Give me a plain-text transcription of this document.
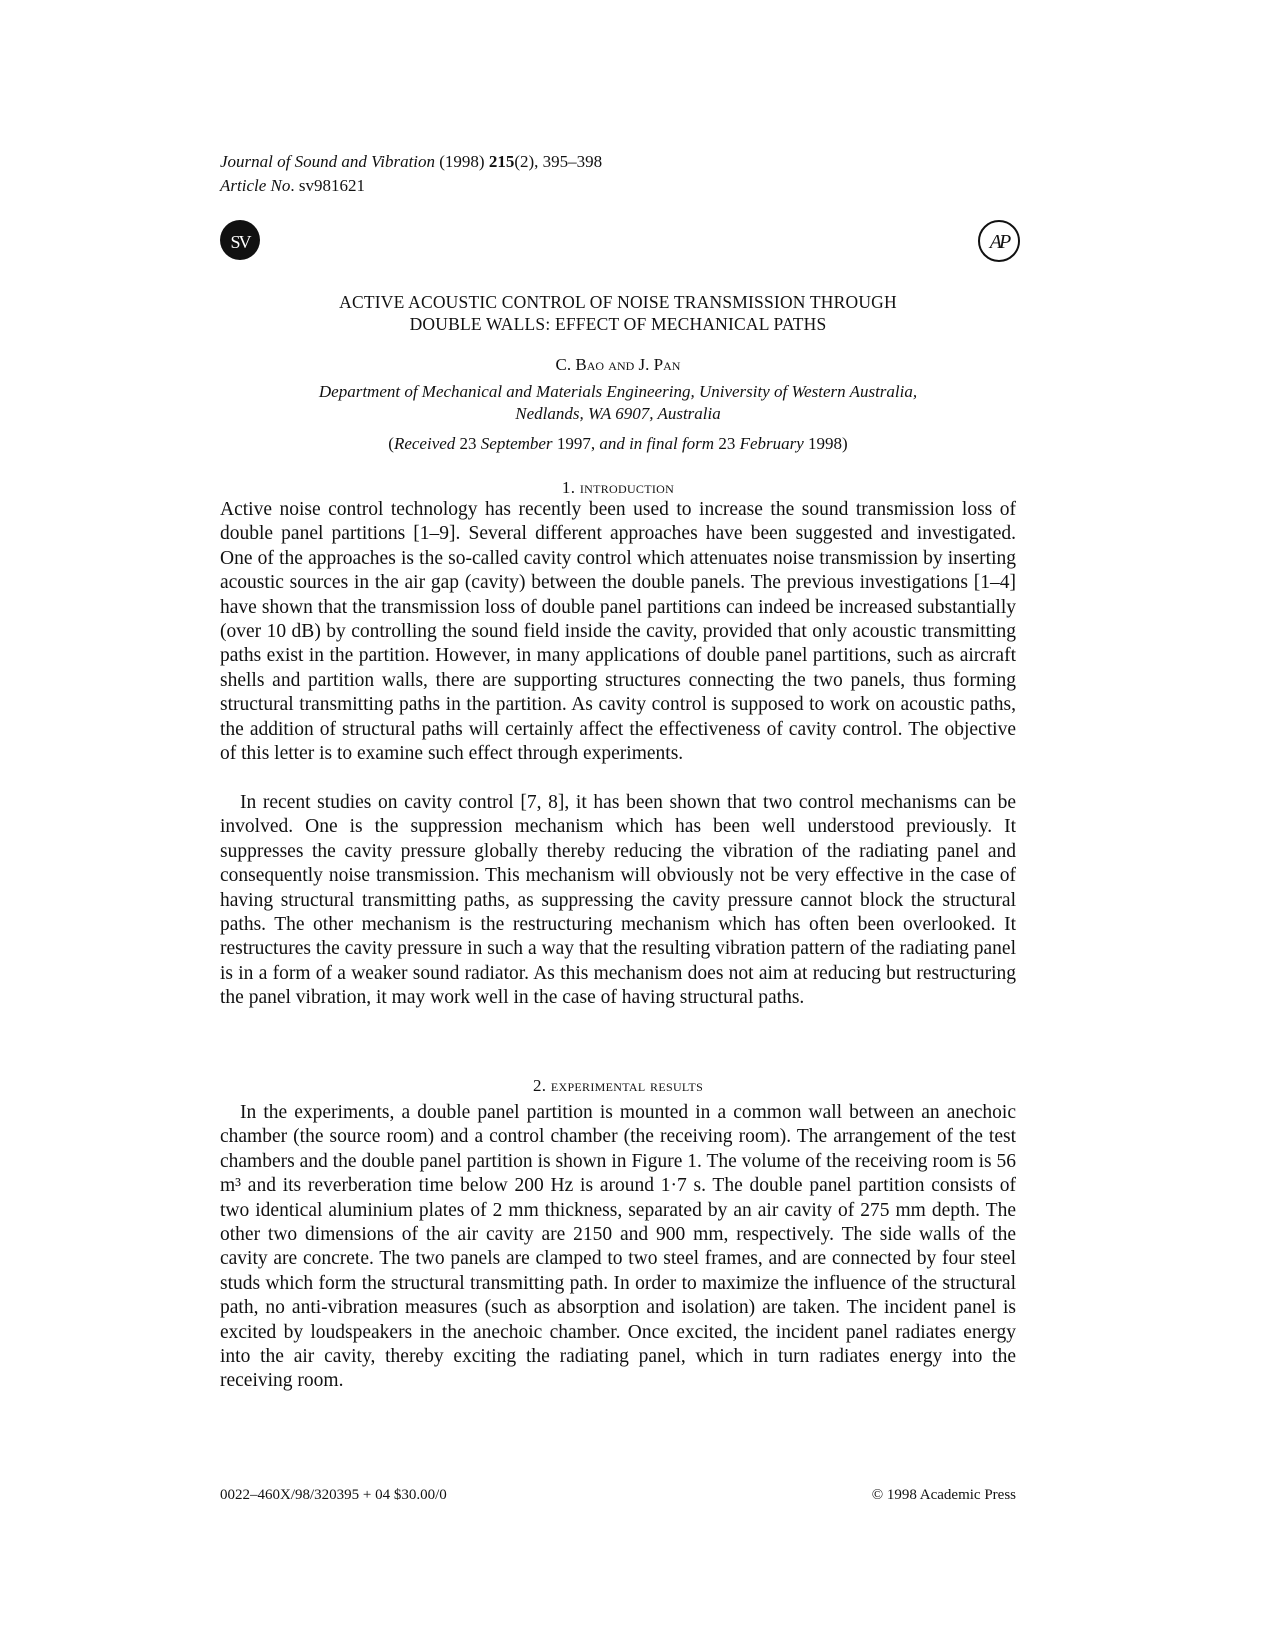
Journal of Sound and Vibration (1998) 215(2), 395–398
Article No. sv981621
J
SV	AP
ACTIVE ACOUSTIC CONTROL OF NOISE TRANSMISSION THROUGH
DOUBLE WALLS: EFFECT OF MECHANICAL PATHS
C. Bao and J. Pan
Department of Mechanical and Materials Engineering, University of Western Australia,
Nedlands, WA 6907, Australia
(Received 23 September 1997, and in final form 23 February 1998)
1. introduction

Active noise control technology has recently been used to increase the sound transmission loss of double panel partitions [1–9]. Several different approaches have been suggested and investigated. One of the approaches is the so-called cavity control which attenuates noise transmission by inserting acoustic sources in the air gap (cavity) between the double panels. The previous investigations [1–4] have shown that the transmission loss of double panel partitions can indeed be increased substantially (over 10 dB) by controlling the sound field inside the cavity, provided that only acoustic transmitting paths exist in the partition. However, in many applications of double panel partitions, such as aircraft shells and partition walls, there are supporting structures connecting the two panels, thus forming structural transmitting paths in the partition. As cavity control is supposed to work on acoustic paths, the addition of structural paths will certainly affect the effectiveness of cavity control. The objective of this letter is to examine such effect through experiments.

In recent studies on cavity control [7, 8], it has been shown that two control mechanisms can be involved. One is the suppression mechanism which has been well understood previously. It suppresses the cavity pressure globally thereby reducing the vibration of the radiating panel and consequently noise transmission. This mechanism will obviously not be very effective in the case of having structural transmitting paths, as suppressing the cavity pressure cannot block the structural paths. The other mechanism is the restructuring mechanism which has often been overlooked. It restructures the cavity pressure in such a way that the resulting vibration pattern of the radiating panel is in a form of a weaker sound radiator. As this mechanism does not aim at reducing but restructuring the panel vibration, it may work well in the case of having structural paths.

2. experimental results

In the experiments, a double panel partition is mounted in a common wall between an anechoic chamber (the source room) and a control chamber (the receiving room). The arrangement of the test chambers and the double panel partition is shown in Figure 1. The volume of the receiving room is 56 m³ and its reverberation time below 200 Hz is around 1·7 s. The double panel partition consists of two identical aluminium plates of 2 mm thickness, separated by an air cavity of 275 mm depth. The other two dimensions of the air cavity are 2150 and 900 mm, respectively. The side walls of the cavity are concrete. The two panels are clamped to two steel frames, and are connected by four steel studs which form the structural transmitting path. In order to maximize the influence of the structural path, no anti-vibration measures (such as absorption and isolation) are taken. The incident panel is excited by loudspeakers in the anechoic chamber. Once excited, the incident panel radiates energy into the air cavity, thereby exciting the radiating panel, which in turn radiates energy into the receiving room.

0022–460X/98/320395 + 04 $30.00/0	© 1998 Academic Press
